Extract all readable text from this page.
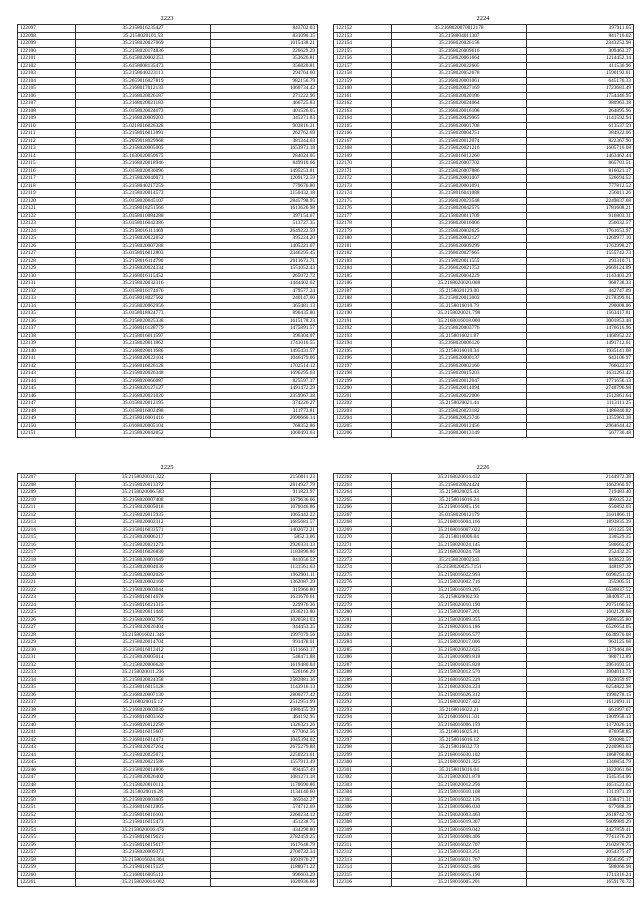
2223
122097	35.2158016235427	843702.03
122098	35.2158020101.53	831090.35
122099	35.2158020027069	1015438.21
122100	35.2158020174836	226629.29
122101	35.6158020002353	353626.81
122102	35.6158008135473	356820.81
122103	35.2158040223113	294764.60
122104	35.2659016027819	982156.79
122105	35.2168017012133	1060734.42
122106	35.2168020026187	271222.96
122107	35.2168020021183	466725.83
122108	35.0158020024673	401526.05
122109	35.2168020009203	345271.83
122110	35.0218016026328	903816.31
122111	35.2158016013091	262762.69
122112	35.2059018029968	381344.63
122113	35.2158020005005	1653971.18
122114	35.1630020050675	284024.05
122115	35.2168020018946	849910.66
122116	35.0158020030096	1495253.81
122117	35.2158020040073	1209172.59
122118	35.2158040217259	779676.80
122119	35.2158020014573	1150432.18
122120	35.0158020045107	2845798.95
122121	35.2158018251566	1613626.98
122122	35.0158010084288	397154.67
122123	35.0158016042386	513727.35
122124	35.2158016111469	2649222.59
122125	35.2158020022052	395224.20
122126	35.2158020007288	1405221.67
122127	35.0158016012803	2346295.45
122128	35.2158016114790	2011673.71
122129	35.2158020024334	1551052.43
122130	35.2168016115452	265072.72
122131	35.2158020032316	1444402.62
122132	35.0158016174676	479577.34
122133	35.0158018027562	240147.60
122134	35.2158020062956	365481.13
122135	35.0158018024773	896435.80
122136	35.2158020025338	1615178.23
122137	35.2168016128779	1475891.57
122138	35.2158016011597	396304.07
122139	35.2158020011862	1741016.55
122140	35.2168020011686	1495431.57
122141	35.2168020022104	1046479.06
122142	35.2168016026128	1702514.12
122143	35.2158020026348	1696295.63
122144	35.2168020066087	825597.37
122145	35.2158020127127	1491472.29
122146	35.2168020021020	2359967.38
122147	35.0158020012195	374226.27
122148	35.0158016002498	311773.81
122149	35.2158016001416	2090660.14
122150	35.0168020005104	768352.86
122151	35.2158020042052	1060493.63
2224
122152	35.2168020070012178	397911.65
122153	35.2158004011307	841716.02
122154	35.2168020026158	2343252.98
122155	35.2168020009616	309463.37
122156	35.2158020061664	1214452.14
122157	35.2158020022605	411536.96
122158	35.2158020052678	1590192.61
122159	35.2168020001061	645176.33
122160	35.2158020027169	1723683.49
122161	35.2158020020106	1754446.95
122162	35.2158020024064	980963.18
122163	35.2168020016108	264895.96
122164	35.2158020029965	1141592.94
122165	35.2168020001708	613537.59
122166	35.2158020004751	384922.06
122167	35.2158020012074	822367.90
122168	35.2158020021216	1605716.08
122169	35.2158016012260	1463462.44
122170	35.2158020007702	865703.51
122171	35.2158020007886	816021.17
122172	35.2158020001007	526694.52
122173	35.2158020001091	777812.52
122174	35.2158016041088	256011.26
122175	35.2168020023548	2249837.68
122176	35.2158020042575	1781608.21
122177	35.2158020011709	916803.31
122178	35.2168020016006	256032.57
122179	35.2158020002625	1761653.97
122180	35.2158020002127	1269977.10
122181	35.2168020009299	1763998.27
122182	35.2168020027665	1555742.73
122183	35.2158020011555	293310.71
122184	35.2168020021753	2669124.89
122185	35.2158020004229	1143403.29
122186	35.2168020020.008	968738.33
122187	35.2158020129.00	442747.09
122188	35.2158020013003	2178399.61
122189	35.2158016010.79	290008.06
122190	35.2158020021.798	1563417.81
122191	35.2168016018.000	3001853.48
122192	35.2158020003776	1476616.96
122193	35.2158016021.87	1460952.22
122194	35.2168020006120	1491712.61
122195	35.2158016010.34	1935141.08
122196	35.2158020000137	643106.97
122197	35.2168020002160	766022.57
122198	35.2158020015203	1631263.42
122199	35.2158020012047	1771656.13
122200	35.2158020014094	2748796.98
122201	35.2158020022006	1512861.64
122202	35.2158020021.44	1113111.25
122203	35.2158020023182	1486840.82
122204	35.2168020023746	1355963.38
122205	35.2158020012456	2964644.42
122206	35.2168020013149	567736.48
2225
122207	35.2158020011.322	2150011.23
122208	35.2158020013372	2814927.79
122209	35.2158020006.583	911823.97
122210	35.2158020007408	1679636.06
122211	35.2158020005018	1076046.86
122212	35.2158020015935	1065442.22
122213	35.2158020002312	1685681.57
122214	35.2158016033571	1402072.21
122215	35.2158020006217	5852.3.06
122216	35.2158020021273	2926331.33
122217	35.2158016026830	1183896.86
122218	35.2158020001649	841056.52
122219	35.2158020004030	1131561.63
122220	35.2158020002020	1962901.11
122221	35.2158020002160	1362087.39
122222	35.2158020003044	315960.80
122223	35.2158016014678	1631670.61
122224	35.2158016021315	229976.36
122225	35.2158020011440	1936213.80
122226	35.2158020002795	1020581.03
122227	35.2158020020404	344453.35
122228	35.2158016021.346	1997079.56
122229	35.2158020014704	991478.01
122230	35.2158016012412	1511663.17
122231	35.2158020005014	548471.88
122232	35.2158020006620	1619480.04
122233	35.2158020011.236	526166.29
122234	35.2158020024358	2582881.36
122235	35.2158016015128	1143916.13
122236	35.2168020007130	2800277.42
122237	35.2168020015.12	2512951.99
122238	35.2168020003030	1980455.39
122239	35.2168016003162	464192.95
122240	35.2168020012250	1326321.26
122241	35.2158016015607	677062.56
122242	35.2168016014471	1045394.02
122243	35.2158020027264	2675279.88
122244	35.2158020025071	2250221.61
122245	35.2158020021586	1557913.49
122246	35.2158020014806	894457.49
122247	35.2158020026402	1081271.18
122248	35.2158020010113	1170690.86
122249	35.2158020016.28	1134140.60
122250	35.2158020003605	365042.27
122251	35.2168016012005	574712.69
122252	35.2158016016101	2260234.12
122253	35.2158016015473	451238.75
122254	35.2158020016.476	434290.80
122255	35.2158016019621	2782459.25
122256	35.2158016015617	1617648.79
122257	35.2158020009373	2700732.34
122258	35.2158016024.304	1093970.27
122259	35.2158016015127	1188071.22
122260	35.2168016005113	996603.29
122261	35.2158020014.002	1020936.66
2226
122262	35.2168020014.432	2144972.38
122263	35.2158020024424	1662960.97
122264	35.2158020025.43	719483.40
122265	35.2158016016.24	465025.22
122266	35.2158016005.191	650892.03
122267	35.0158020012179	3101866.11
122268	35.2168016004.166	1893835.39
122269	35.2168016007.022	161325.58
122270	35.2158016006.84	330529.35
122271	35.2158020024.145	580665.47
122272	35.2168020024.758	252432.25
122273	35.2158020002343	843622.56
122274	35.2158020025.7151	448187.26
122275	35.2158016022.993	6096251.12
122276	35.2158020002.716	355905.51
122277	35.2158016019.205	6530837.52
122278	35.2158020002.93	3840937.11
122279	35.2158020010.190	2075166.52
122280	35.2158020007.201	1602128.68
122281	35.2158020009.355	2680535.80
122282	35.2168020014.186	6526654.05
122283	35.2158016016.577	6638970.08
122284	35.2158020017.006	963125.68
122285	35.2158020022.625	1379464.68
122286	35.2158016009.818	980712.89
122287	35.2158016035.828	3961693.51
122288	35.2158020012.570	3904013.73
122289	35.2168016025.229	1622059.97
122290	35.2168020024.224	6254822.98
122291	35.2158016026.312	1990278.15
122292	35.2168020027.422	1612091.11
122293	35.2168016022.21	661997.67
122294	35.2168016011.331	1309958.13
122295	35.2168016006.159	1372026.14
122296	35.2168016025.81	876958.85
122297	35.2158016016.12	593080.57
122298	35.2158016032.73	2240983.03
122299	35.2168016030.102	1868760.80
122300	35.2168016021.325	1346854.79
122301	35.2158016016.04	1622061.68
122302	35.2158020021.878	1545354.06
122303	35.2158020012.256	1651523.62
122304	35.2158016010.108	1311971.19
122305	35.2158016022.126	1338471.31
122306	35.2158016006.030	677688.39
122307	35.2158020003.463	2618742.76
122308	35.2158016019.307	5609989.29
122309	35.2158016019.042	4427859.41
122310	35.2158016008.406	7741376.20
122311	35.2158016022.707	2102878.75
122312	35.2158016033.251	2054375.47
122313	35.2158016021.767	1056395.17
122314	35.2158016025.486	588066.98
122315	35.2158016015.190	1711316.24
122316	35.2158016005.201	1659170.72
